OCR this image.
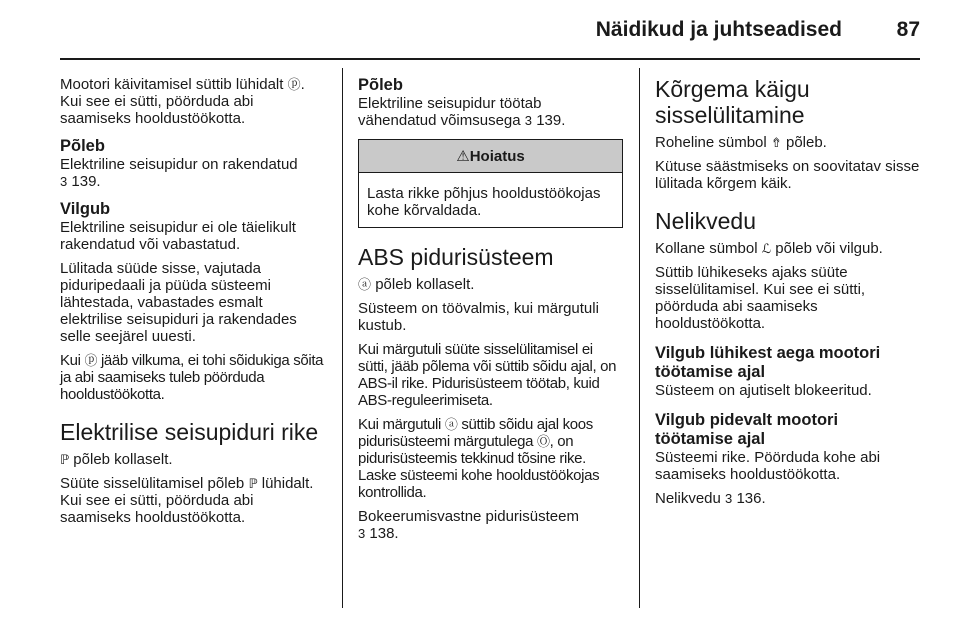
Näidikud ja juhtseadised	87

Mootori käivitamisel süttib lühidalt ⓟ. Kui see ei sütti, pöörduda abi saamiseks hooldustöökotta.

Põleb

Elektriline seisupidur on rakendatud
3 139.

Vilgub

Elektriline seisupidur ei ole täielikult rakendatud või vabastatud.

Lülitada süüde sisse, vajutada piduripedaali ja püüda süsteemi lähtestada, vabastades esmalt elektrilise seisupiduri ja rakendades selle seejärel uuesti.

Kui ⓟ jääb vilkuma, ei tohi sõidukiga sõita ja abi saamiseks tuleb pöörduda hooldustöökotta.

Elektrilise seisupiduri rike

ℙ põleb kollaselt.

Süüte sisselülitamisel põleb ℙ lühidalt. Kui see ei sütti, pöörduda abi saamiseks hooldustöökotta.

Põleb

Elektriline seisupidur töötab vähendatud võimsusega 3 139.

⚠Hoiatus
Lasta rikke põhjus hooldustöökojas kohe kõrvaldada.
ABS pidurisüsteem

ⓐ põleb kollaselt.

Süsteem on töövalmis, kui märgutuli kustub.

Kui märgutuli süüte sisselülitamisel ei sütti, jääb põlema või süttib sõidu ajal, on ABS-il rike. Pidurisüsteem töötab, kuid ABS-reguleerimiseta.

Kui märgutuli ⓐ süttib sõidu ajal koos pidurisüsteemi märgutulega Ⓞ, on pidurisüsteemis tekkinud tõsine rike. Laske süsteemi kohe hooldustöökojas kontrollida.

Bokeerumisvastne pidurisüsteem
3 138.

Kõrgema käigu sisselülitamine

Roheline sümbol ⇮ põleb.

Kütuse säästmiseks on soovitatav sisse lülitada kõrgem käik.

Nelikvedu

Kollane sümbol ℒ põleb või vilgub.

Süttib lühikeseks ajaks süüte sisselülitamisel. Kui see ei sütti, pöörduda abi saamiseks hooldustöökotta.

Vilgub lühikest aega mootori töötamise ajal

Süsteem on ajutiselt blokeeritud.

Vilgub pidevalt mootori töötamise ajal

Süsteemi rike. Pöörduda kohe abi saamiseks hooldustöökotta.

Nelikvedu 3 136.
